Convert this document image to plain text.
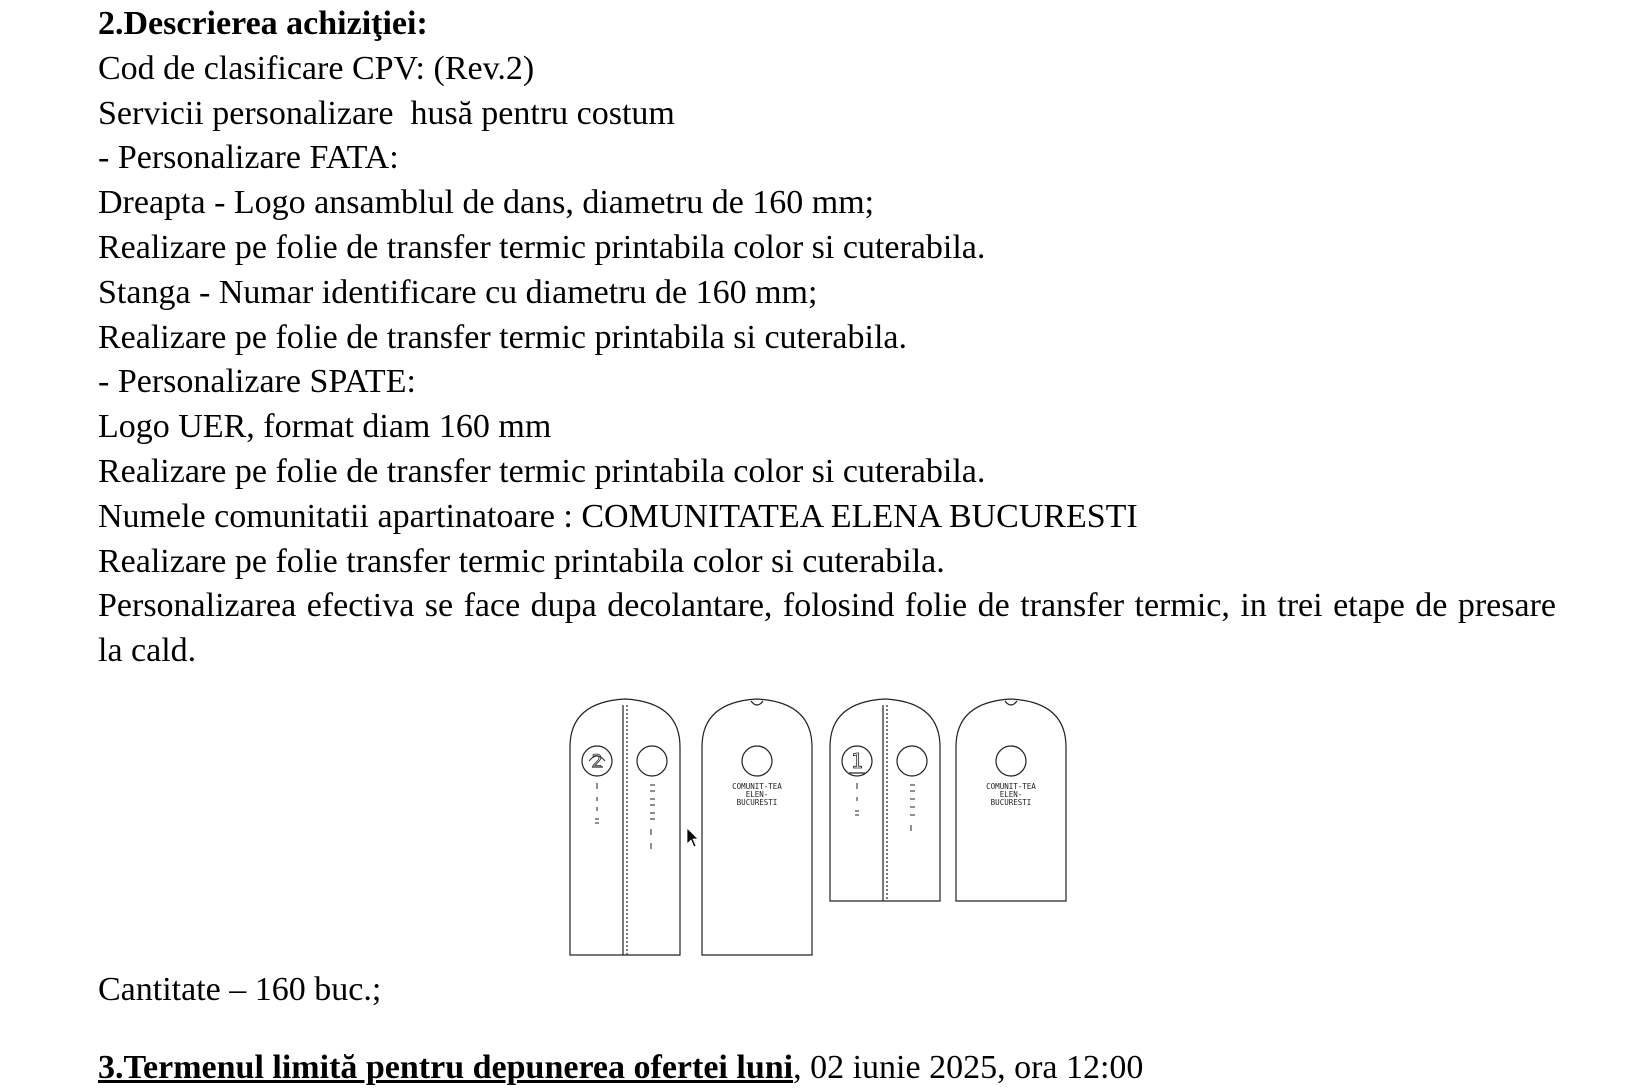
2.Descrierea achiziţiei:
Cod de clasificare CPV: (Rev.2)
Servicii personalizare  husă pentru costum
- Personalizare FATA:
Dreapta - Logo ansamblul de dans, diametru de 160 mm;
Realizare pe folie de transfer termic printabila color si cuterabila.
Stanga - Numar identificare cu diametru de 160 mm;
Realizare pe folie de transfer termic printabila si cuterabila.
- Personalizare SPATE:
Logo UER, format diam 160 mm
Realizare pe folie de transfer termic printabila color si cuterabila.
Numele comunitatii apartinatoare : COMUNITATEA ELENA BUCURESTI
Realizare pe folie transfer termic printabila color si cuterabila.
Personalizarea efectiva se face dupa decolantare, folosind folie de transfer termic, in trei etape de presare la cald.
2	1
COMUNIT-TEA
ELEN-
BUCURESTI
COMUNIT-TEA
ELEN-
BUCURESTI
Cantitate – 160 buc.;
3.Termenul limită pentru depunerea ofertei luni, 02 iunie 2025, ora 12:00
